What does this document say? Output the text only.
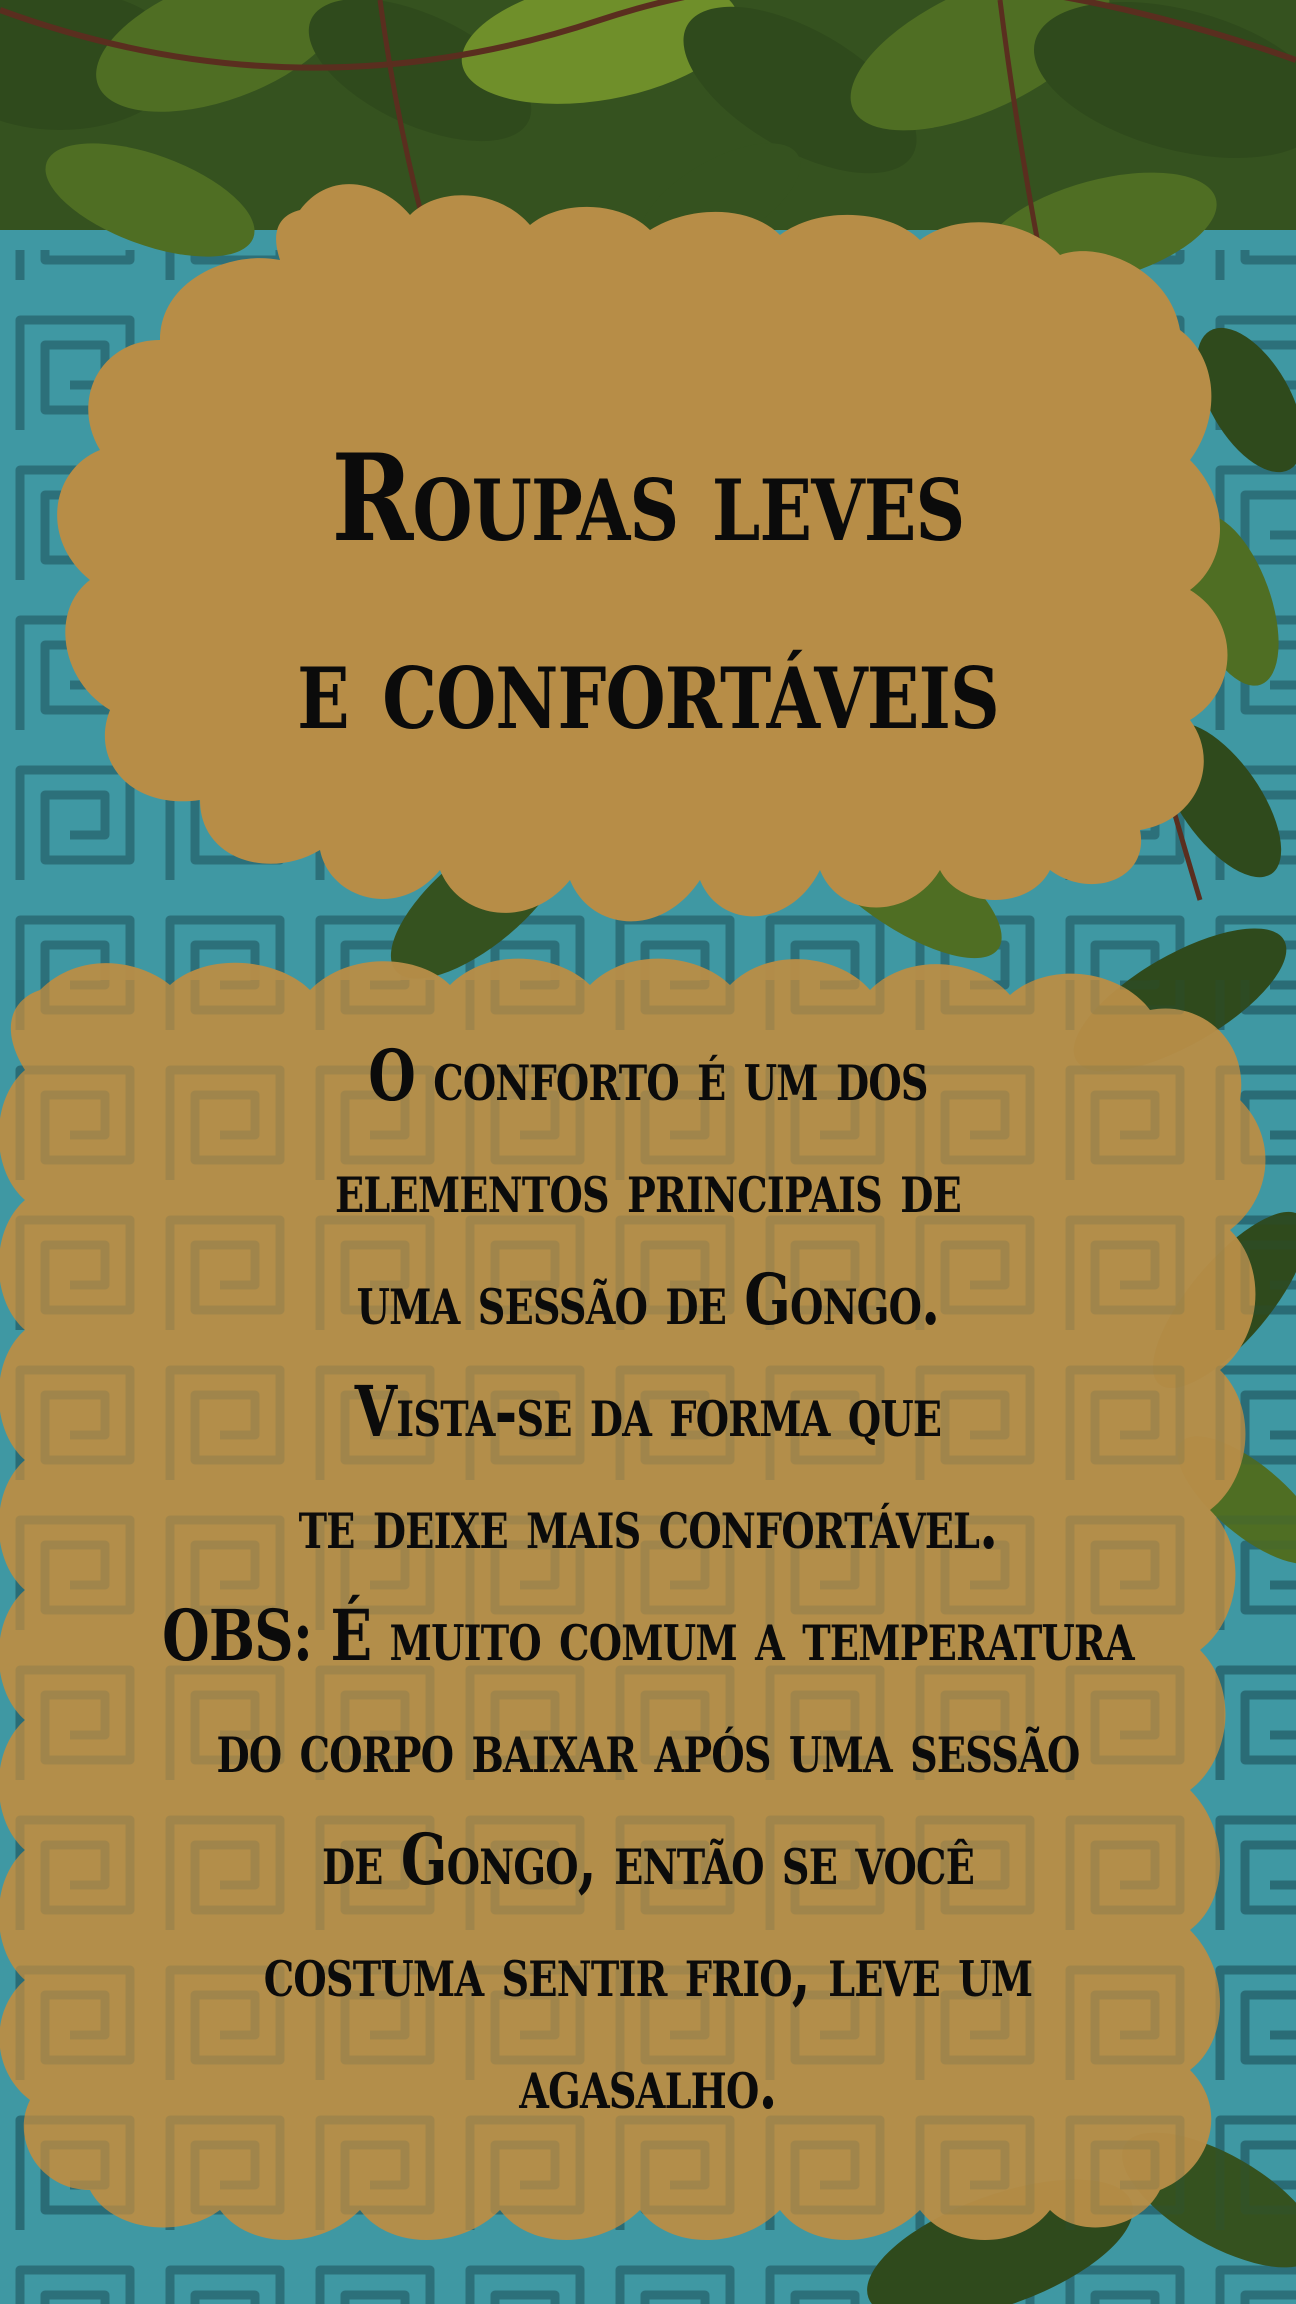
Roupas leves
e confortáveis
O conforto é um dos
elementos principais de
uma sessão de Gongo.
Vista-se da forma que
te deixe mais confortável.
OBS: É muito comum a temperatura
do corpo baixar após uma sessão
de Gongo, então se você
costuma sentir frio, leve um
agasalho.
